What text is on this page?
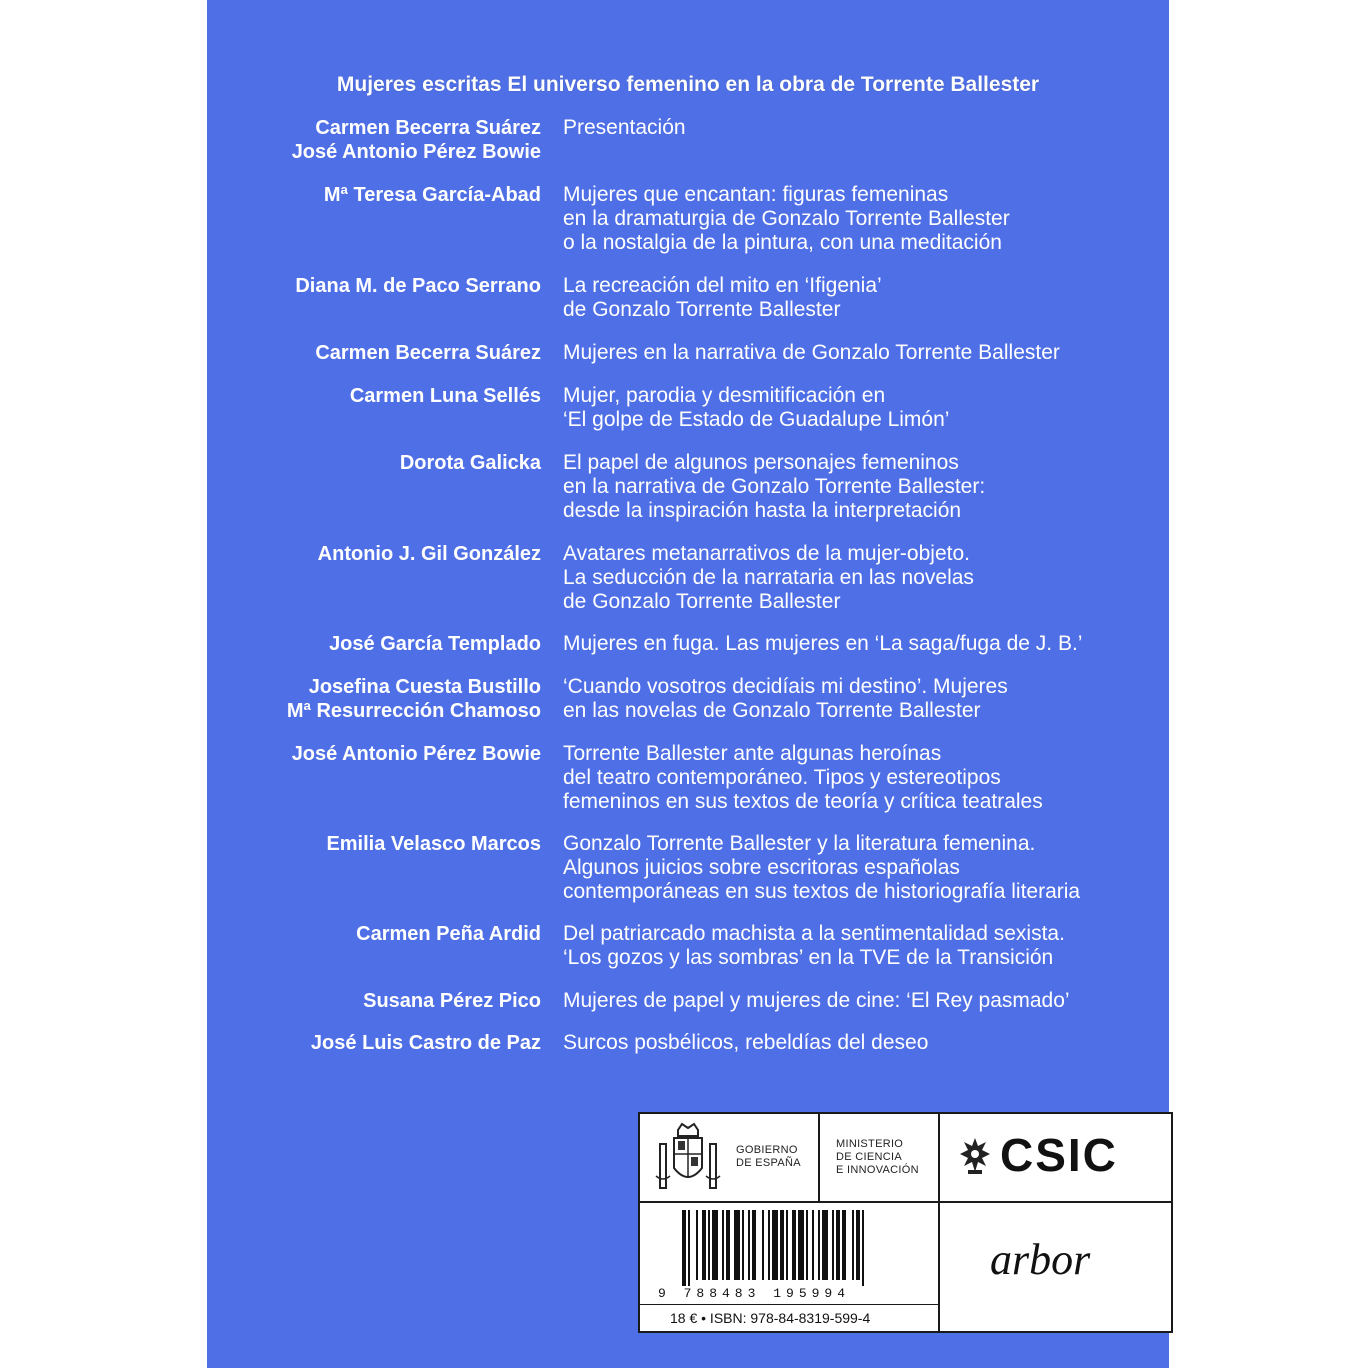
Mujeres escritas El universo femenino en la obra de Torrente Ballester
Carmen Becerra Suárez
José Antonio Pérez Bowie
Presentación
Mª Teresa García-Abad Mujeres que encantan: figuras femeninas
en la dramaturgia de Gonzalo Torrente Ballester
o la nostalgia de la pintura, con una meditación
Diana M. de Paco Serrano La recreación del mito en ‘Ifigenia’
de Gonzalo Torrente Ballester
Carmen Becerra Suárez Mujeres en la narrativa de Gonzalo Torrente Ballester
Carmen Luna Sellés Mujer, parodia y desmitificación en
‘El golpe de Estado de Guadalupe Limón’
Dorota Galicka El papel de algunos personajes femeninos
en la narrativa de Gonzalo Torrente Ballester:
desde la inspiración hasta la interpretación
Antonio J. Gil González Avatares metanarrativos de la mujer-objeto.
La seducción de la narrataria en las novelas
de Gonzalo Torrente Ballester
José García Templado Mujeres en fuga. Las mujeres en ‘La saga/fuga de J. B.’
Josefina Cuesta Bustillo
Mª Resurrección Chamoso
‘Cuando vosotros decidíais mi destino’. Mujeres
en las novelas de Gonzalo Torrente Ballester
José Antonio Pérez Bowie Torrente Ballester ante algunas heroínas
del teatro contemporáneo. Tipos y estereotipos
femeninos en sus textos de teoría y crítica teatrales
Emilia Velasco Marcos Gonzalo Torrente Ballester y la literatura femenina.
Algunos juicios sobre escritoras españolas
contemporáneas en sus textos de historiografía literaria
Carmen Peña Ardid Del patriarcado machista a la sentimentalidad sexista.
‘Los gozos y las sombras’ en la TVE de la Transición
Susana Pérez Pico Mujeres de papel y mujeres de cine: ‘El Rey pasmado’
José Luis Castro de Paz Surcos posbélicos, rebeldías del deseo
GOBIERNO
DE ESPAÑA
MINISTERIO
DE CIENCIA
E INNOVACIÓN CSIC
9 788483 195994
18 € • ISBN: 978-84-8319-599-4
arbor
